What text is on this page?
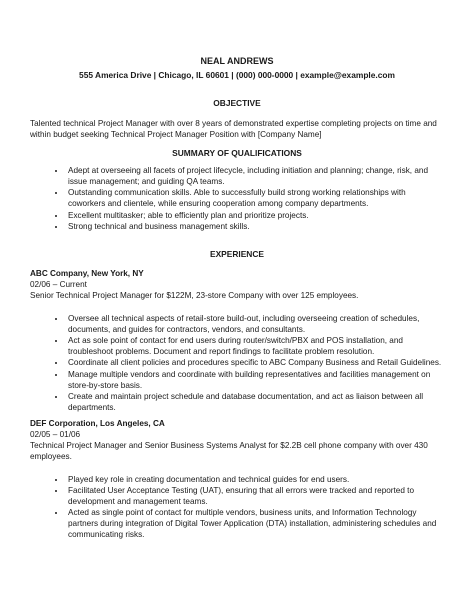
NEAL ANDREWS
555 America Drive | Chicago, IL 60601 | (000) 000-0000 | example@example.com
OBJECTIVE

Talented technical Project Manager with over 8 years of demonstrated expertise completing projects on time and within budget seeking Technical Project Manager Position with [Company Name]

SUMMARY OF QUALIFICATIONS
• Adept at overseeing all facets of project lifecycle, including initiation and planning; change, risk, and issue management; and guiding QA teams.
• Outstanding communication skills. Able to successfully build strong working relationships with coworkers and clientele, while ensuring cooperation among company departments.
• Excellent multitasker; able to efficiently plan and prioritize projects.
• Strong technical and business management skills.
EXPERIENCE
ABC Company, New York, NY
02/06 – Current
Senior Technical Project Manager for $122M, 23-store Company with over 125 employees.
• Oversee all technical aspects of retail-store build-out, including overseeing creation of schedules, documents, and guides for contractors, vendors, and consultants.
• Act as sole point of contact for end users during router/switch/PBX and POS installation, and troubleshoot problems. Document and report findings to facilitate problem resolution.
• Coordinate all client policies and procedures specific to ABC Company Business and Retail Guidelines.
• Manage multiple vendors and coordinate with building representatives and facilities management on store-by-store basis.
• Create and maintain project schedule and database documentation, and act as liaison between all departments.
DEF Corporation, Los Angeles, CA
02/05 – 01/06
Technical Project Manager and Senior Business Systems Analyst for $2.2B cell phone company with over 430 employees.
• Played key role in creating documentation and technical guides for end users.
• Facilitated User Acceptance Testing (UAT), ensuring that all errors were tracked and reported to development and management teams.
• Acted as single point of contact for multiple vendors, business units, and Information Technology partners during integration of Digital Tower Application (DTA) installation, administering schedules and communicating risks.
